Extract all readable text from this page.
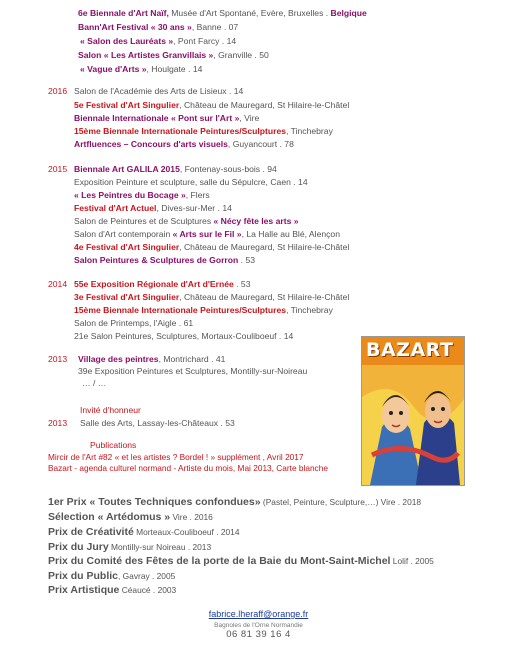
6e Biennale d'Art Naïf, Musée d'Art Spontané, Evère, Bruxelles . Belgique
Bann'Art Festival « 30 ans », Banne . 07
« Salon des Lauréats », Pont Farcy . 14
Salon « Les Artistes Granvillais », Granville . 50
« Vague d'Arts », Houlgate . 14
2016 Salon de l'Académie des Arts de Lisieux . 14
5e Festival d'Art Singulier, Château de Mauregard, St Hilaire-le-Châtel
Biennale Internationale « Pont sur l'Art », Vire
15ème Biennale Internationale Peintures/Sculptures, Tinchebray
Artfluences – Concours d'arts visuels, Guyancourt . 78
2015 Biennale Art GALILA 2015, Fontenay-sous-bois . 94
Exposition Peinture et sculpture, salle du Sépulcre, Caen . 14
« Les Peintres du Bocage », Flers
Festival d'Art Actuel, Dives-sur-Mer . 14
Salon de Peintures et de Sculptures « Nécy fête les arts »
Salon d'Art contemporain « Arts sur le Fil », La Halle au Blé, Alençon
4e Festival d'Art Singulier, Château de Mauregard, St Hilaire-le-Châtel
Salon Peintures & Sculptures de Gorron . 53
2014 55e Exposition Régionale d'Art d'Ernée . 53
3e Festival d'Art Singulier, Château de Mauregard, St Hilaire-le-Châtel
15ème Biennale Internationale Peintures/Sculptures, Tinchebray
Salon de Printemps, l'Aigle . 61
21e Salon Peintures, Sculptures, Mortaux-Couliboeuf . 14
2013 Village des peintres, Montrichard . 41
39e Exposition Peintures et Sculptures, Montilly-sur-Noireau
… / …
Invité d'honneur
2013 Salle des Arts, Lassay-les-Châteaux . 53
Publications
Mircir de l'Art #82 « et les artistes ? Bordel ! » supplément , Avril 2017
Bazart - agenda culturel normand - Artiste du mois, Mai 2013, Carte blanche
BAZART
1er Prix « Toutes Techniques confondues» (Pastel, Peinture, Sculpture,…) Vire . 2018
Sélection « Artédomus » Vire . 2016
Prix de Créativité Morteaux-Couliboeuf . 2014
Prix du Jury Montilly-sur Noireau . 2013
Prix du Comité des Fêtes de la porte de la Baie du Mont-Saint-Michel Lolif . 2005
Prix du Public, Gavray . 2005
Prix Artistique Céaucé . 2003
fabrice.lheraff@orange.fr
Bagnoles de l'Orne Normandie
06 81 39 16 4
